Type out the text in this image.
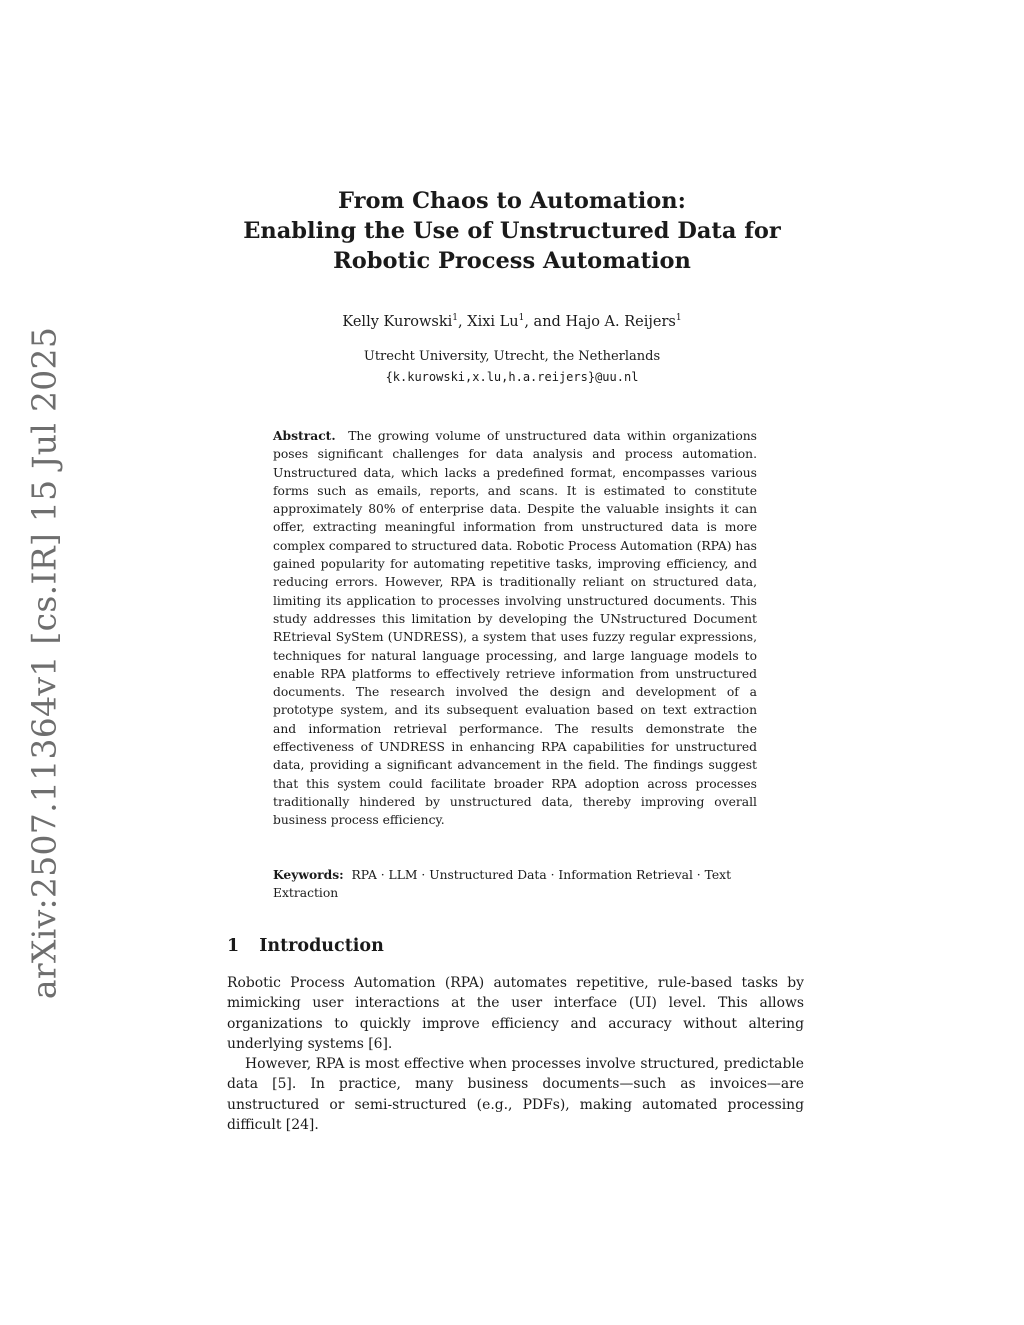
arXiv:2507.11364v1 [cs.IR] 15 Jul 2025
From Chaos to Automation:
Enabling the Use of Unstructured Data for
Robotic Process Automation
Kelly Kurowski$^1$, Xixi Lu$^1$, and Hajo A. Reijers$^1$
Utrecht University, Utrecht, the Netherlands
{k.kurowski,x.lu,h.a.reijers}@uu.nl
Abstract. The growing volume of unstructured data within organizations poses significant challenges for data analysis and process automation. Unstructured data, which lacks a predefined format, encompasses various forms such as emails, reports, and scans. It is estimated to constitute approximately 80% of enterprise data. Despite the valuable insights it can offer, extracting meaningful information from unstructured data is more complex compared to structured data. Robotic Process Automation (RPA) has gained popularity for automating repetitive tasks, improving efficiency, and reducing errors. However, RPA is traditionally reliant on structured data, limiting its application to processes involving unstructured documents. This study addresses this limitation by developing the UNstructured Document REtrieval SyStem (UNDRESS), a system that uses fuzzy regular expressions, techniques for natural language processing, and large language models to enable RPA platforms to effectively retrieve information from unstructured documents. The research involved the design and development of a prototype system, and its subsequent evaluation based on text extraction and information retrieval performance. The results demonstrate the effectiveness of UNDRESS in enhancing RPA capabilities for unstructured data, providing a significant advancement in the field. The findings suggest that this system could facilitate broader RPA adoption across processes traditionally hindered by unstructured data, thereby improving overall business process efficiency.
Keywords: RPA · LLM · Unstructured Data · Information Retrieval · Text Extraction
1 Introduction

Robotic Process Automation (RPA) automates repetitive, rule-based tasks by mimicking user interactions at the user interface (UI) level. This allows organizations to quickly improve efficiency and accuracy without altering underlying systems [6].

However, RPA is most effective when processes involve structured, predictable data [5]. In practice, many business documents—such as invoices—are unstructured or semi-structured (e.g., PDFs), making automated processing difficult [24].
